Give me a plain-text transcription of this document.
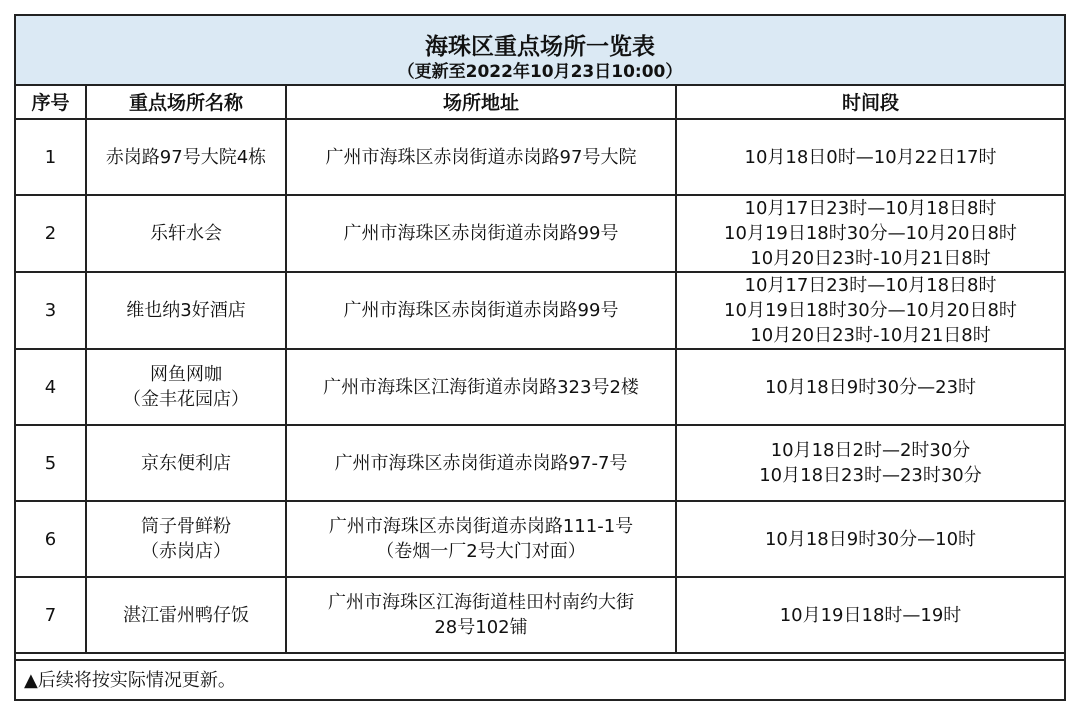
海珠区重点场所一览表
（更新至2022年10月23日10:00）
序号	重点场所名称	场所地址	时间段
1	赤岗路97号大院4栋	广州市海珠区赤岗街道赤岗路97号大院	10月18日0时—10月22日17时

2	乐轩水会	广州市海珠区赤岗街道赤岗路99号	10月17日23时—10月18日8时
10月19日18时30分—10月20日8时
10月20日23时-10月21日8时

3	维也纳3好酒店	广州市海珠区赤岗街道赤岗路99号	10月17日23时—10月18日8时
10月19日18时30分—10月20日8时
10月20日23时-10月21日8时

4	网鱼网咖
（金丰花园店）	广州市海珠区江海街道赤岗路323号2楼	10月18日9时30分—23时

5	京东便利店	广州市海珠区赤岗街道赤岗路97-7号	10月18日2时—2时30分
10月18日23时—23时30分

6	筒子骨鲜粉
（赤岗店）	广州市海珠区赤岗街道赤岗路111-1号
（卷烟一厂2号大门对面）	10月18日9时30分—10时

7	湛江雷州鸭仔饭	广州市海珠区江海街道桂田村南约大街
28号102铺	10月19日18时—19时
▲后续将按实际情况更新。
